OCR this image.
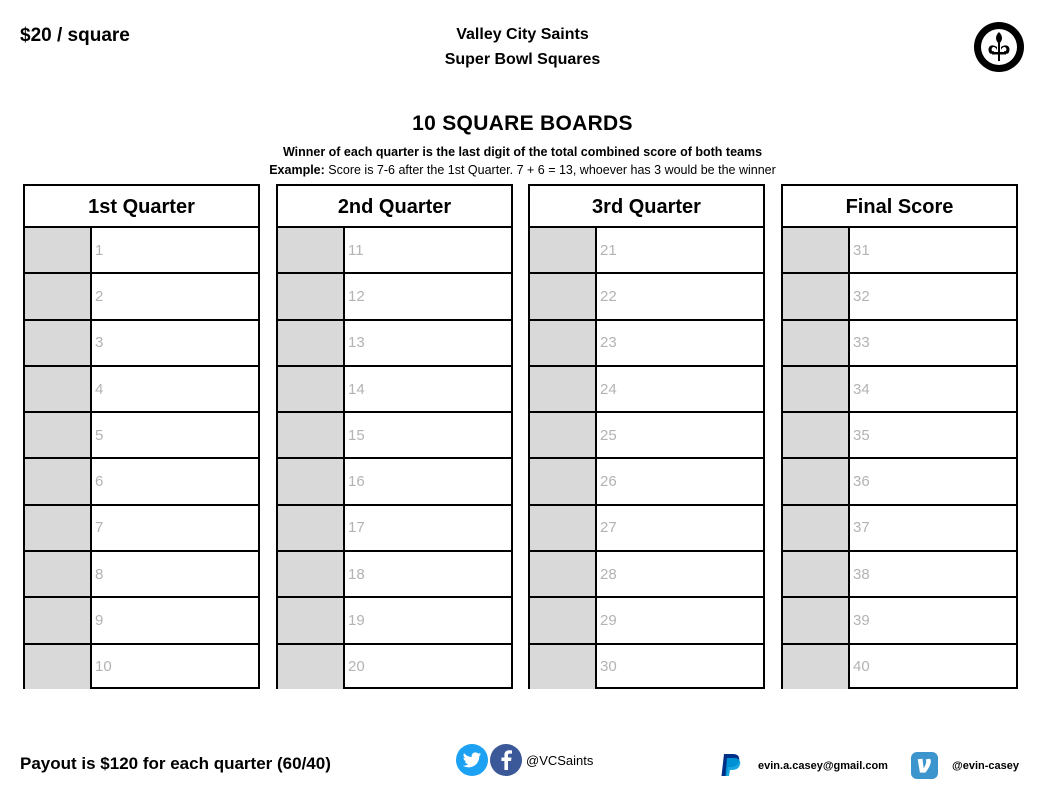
$20 / square	Valley City Saints
Super Bowl Squares
10 SQUARE BOARDS
Winner of each quarter is the last digit of the total combined score of both teams
Example: Score is 7-6 after the 1st Quarter. 7 + 6 = 13, whoever has 3 would be the winner
1st Quarter
1
2
3
4
5
6
7
8
9
10
2nd Quarter
11
12
13
14
15
16
17
18
19
20
3rd Quarter
21
22
23
24
25
26
27
28
29
30
Final Score
31
32
33
34
35
36
37
38
39
40
Payout is $120 for each quarter (60/40)	@VCSaints	evin.a.casey@gmail.com	@evin-casey
